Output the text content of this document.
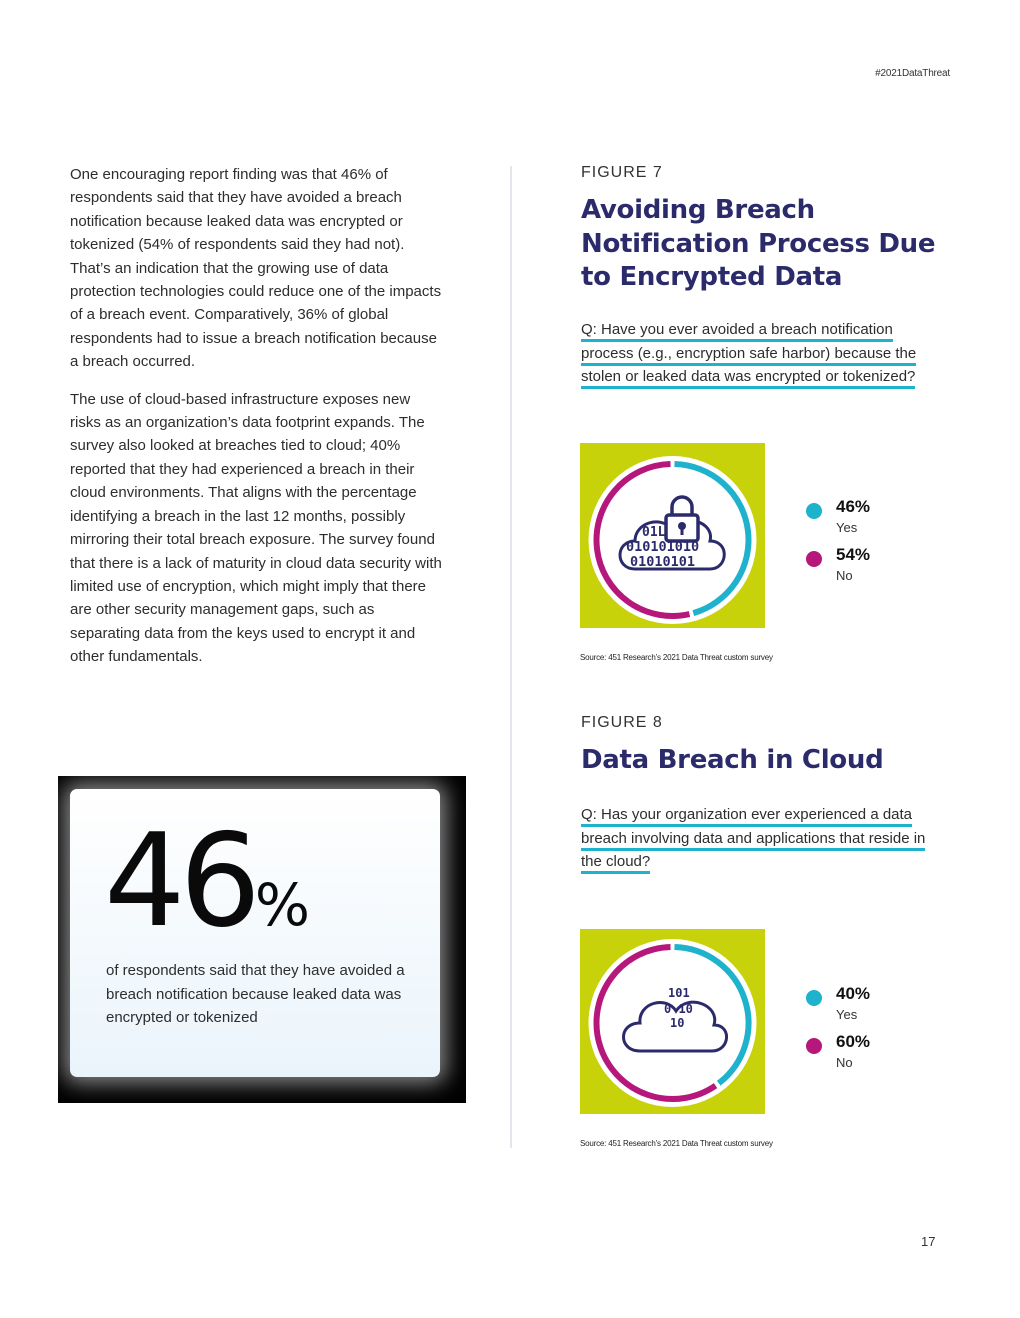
#2021DataThreat

One encouraging report finding was that 46% of respondents said that they have avoided a breach notification because leaked data was encrypted or tokenized (54% of respondents said they had not). That’s an indication that the growing use of data protection technologies could reduce one of the impacts of a breach event. Comparatively, 36% of global respondents had to issue a breach notification because a breach occurred.

The use of cloud-based infrastructure exposes new risks as an organization’s data footprint expands. The survey also looked at breaches tied to cloud; 40% reported that they had experienced a breach in their cloud environments. That aligns with the percentage identifying a breach in the last 12 months, possibly mirroring their total breach exposure. The survey found that there is a lack of maturity in cloud data security with limited use of encryption, which might imply that there are other security management gaps, such as separating data from the keys used to encrypt it and other fundamentals.

46%
of respondents said that they have avoided a breach notification because leaked data was encrypted or tokenized
FIGURE 7
Avoiding Breach Notification Process Due to Encrypted Data
Q: Have you ever avoided a breach notification process (e.g., encryption safe harbor) because the stolen or leaked data was encrypted or tokenized?
01L
010101010
01010101
46%
Yes
54%
No
Source: 451 Research’s 2021 Data Threat custom survey
FIGURE 8
Data Breach in Cloud
Q: Has your organization ever experienced a data breach involving data and applications that reside in the cloud?
101
0 10
10
40%
Yes
60%
No
Source: 451 Research’s 2021 Data Threat custom survey
17
